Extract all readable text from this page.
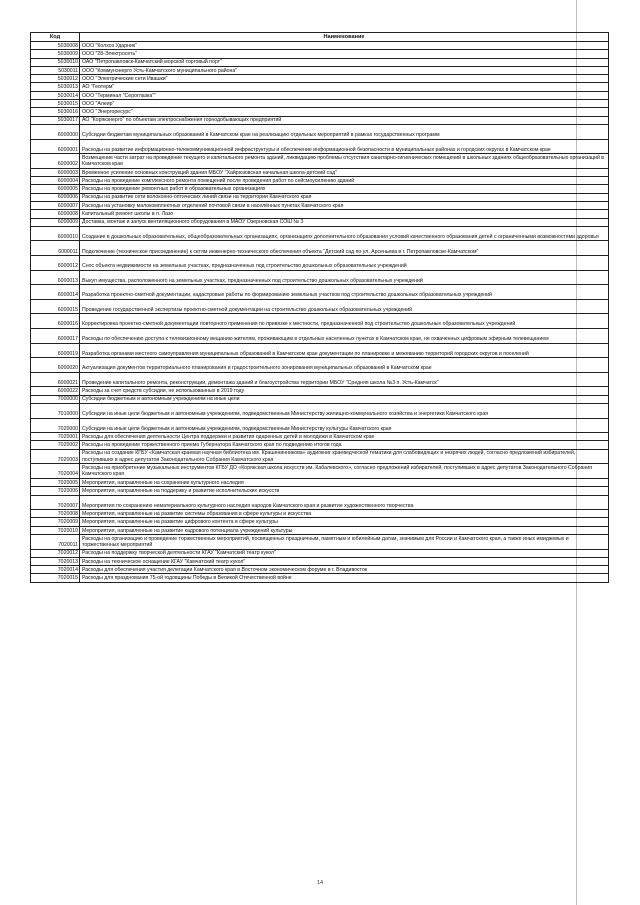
Код	Наименование
5030008	ООО "Колхоз Ударник"
5030009	ООО "28-Электросеть"
5030010	ОАО "Петропавловск-Камчатский морской торговый порт"
5030011	ООО "Коммунэнерго Усть-Камчатского муниципального района"
5030012	ООО "Электрические сети Ивашки"
5030013	АО "Геотерм"
5030014	ООО "Терминал "Сероглазка""
5030015	ООО "Алеир"
5030016	ООО "Энергоресурс"
5030017	АО "Корякэнерго" по объектам электроснабжения горнодобывающих предприятий
6000000	Субсидии бюджетам муниципальных образований в Камчатском крае на реализацию отдельных мероприятий в рамках государственных программ
6000001	Расходы на развитие информационно-телекоммуникационной инфраструктуры и обеспечение информационной безопасности в муниципальных районах и городских округах в Камчатском крае
6000002	Возмещение части затрат на проведение текущего и капитального ремонта зданий, ликвидацию проблемы отсутствия санитарно-гигиенических помещений в школьных зданиях общеобразовательных организаций в Камчатском крае
6000003	Временное усиление основных конструкций здания МБОУ "Хайрюзовская начальная школа-детский сад"
6000004	Расходы на проведение комплексного ремонта помещений после проведения работ по сейсмоусилению зданий
6000005	Расходы на проведение ремонтных работ в образовательных организациях
6000006	Расходы на развитие сети волоконно-оптических линий связи на территории Камчатского края
6000007	Расходы на установку малокомплектных отделений почтовой связи в населённых пунктах Камчатского края
6000008	Капитальный ремонт школы в п. Лазо
6000009	Доставка, монтаж и запуск вентиляционного оборудования в МАОУ Озерновская СОШ № 3
6000010	Создание в дошкольных образовательных, общеобразовательных организациях, организациях дополнительного образования условий качественного образования детей с ограниченными возможностями здоровья
6000011	Подключение (техническое присоединение) к сетям инженерно-технического обеспечения объекта "Детский сад по ул. Арсеньева в г. Петропавловске-Камчатском"
6000012	Снос объекта недвижимости на земельных участках, предназначенных под строительство дошкольных образовательных учреждений
6000013	Выкуп имущества, расположенного на земельных участках, предназначенных под строительство дошкольных образовательных учреждений
6000014	Разработка проектно-сметной документации, кадастровые работы по формированию земельных участков под строительство дошкольных образовательных учреждений
6000015	Проведение государственной экспертизы проектно-сметной документации на строительство дошкольных образовательных учреждений
6000016	Корректировка проектно-сметной документации повторного применения по привязке к местности, предназначенной под строительство дошкольных образовательных учреждений
6000017	Расходы по обеспечению доступа к телевизионному вещанию жителям, проживающим в отдельных населенных пунктах в Камчатском крае, не охваченных цифровым эфирным телевещанием
6000019	Разработка органами местного самоуправления муниципальных образований в Камчатском крае документации по планировке и межеванию территорий городских округов и поселений
6000020	Актуализация документов территориального планирования и градостроительного зонирования муниципальных образований в Камчатском крае
6000021	Проведение капитального ремонта, реконструкции, демонтажа зданий и благоустройства территории МБОУ "Средняя школа №3 п. Усть-Камчатск"
6000022	Расходы за счет средств субсидии, не использованных в 2019 году
7000000	Субсидии бюджетным и автономным учреждениям на иные цели
7010000	Субсидии на иные цели бюджетным и автономным учреждениям, подведомственным Министерству жилищно-коммунального хозяйства и энергетики Камчатского края
7020000	Субсидии на иные цели бюджетным и автономным учреждениям, подведомственным Министерству культуры Камчатского края
7020001	Расходы для обеспечения деятельности Центра поддержки и развития одаренных детей и молодежи в Камчатском крае
7020002	Расходы на проведение торжественного приема Губернатора Камчатского края по подведению итогов года
7020003	Расходы на создание КГБУ «Камчатская краевая научная библиотека им. Крашенинникова» аудиокниг краеведческой тематики для слабовидящих и незрячих людей, согласно предложений избирателей, поступивших в адрес депутатов Законодательного Собрания Камчатского края
7020004	Расходы на приобретение музыкальных инструментов КГБУ ДО «Корякская школа искусств им. Кабалевского», согласно предложений избирателей, поступивших в адрес депутатов Законодательного Собрания Камчатского края
7020005	Мероприятия, направленные на сохранение культурного наследия
7020006	Мероприятия, направленные на поддержку и развитие исполнительских искусств
7020007	Мероприятия по сохранению нематериального культурного наследия народов Камчатского края и развитие художественного творчества
7020008	Мероприятия, направленные на развитие системы образования в сфере культуры и искусства
7020009	Мероприятия, направленные на развитие цифрового контента в сфере культуры
7020010	Мероприятия, направленные на развитие кадрового потенциала учреждений культуры
7020011	Расходы на организацию и проведение торжественных мероприятий, посвященных праздничным, памятным и юбилейным датам, значимым для России и Камчатского края, а также иных имиджевых и торжественных мероприятий
7020012	Расходы на поддержку творческой деятельности КГАУ "Камчатский театр кукол"
7020013	Расходы на техническое оснащение КГАУ "Камчатский театр кукол"
7020014	Расходы для обеспечения участия делегации Камчатского края в Восточном экономическом форуме в г. Владивосток
7020015	Расходы для празднования 75-ой годовщины Победы в Великой Отечественной войне
14
